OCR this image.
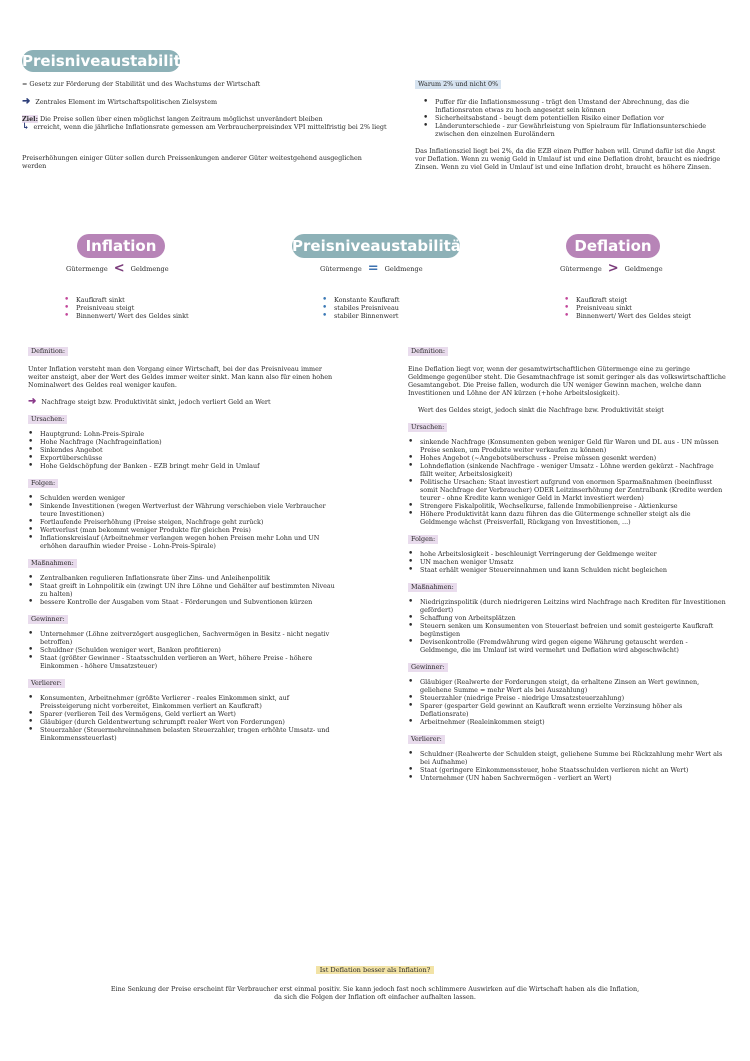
Preisniveaustabilität
= Gesetz zur Förderung der Stabilität und des Wachstums der Wirtschaft
➜ Zentrales Element im Wirtschaftspolitischen Zielsystem
Ziel: Die Preise sollen über einen möglichst langen Zeitraum möglichst unverändert bleiben
↳ erreicht, wenn die jährliche Inflationsrate gemessen am Verbraucherpreisindex VPI mittelfristig bei 2% liegt
Preiserhöhungen einiger Güter sollen durch Preissenkungen anderer Güter weitestgehend ausgeglichen werden
Warum 2% und nicht 0%
• Puffer für die Inflationsmessung - trägt den Umstand der Abrechnung, das die Inflationsraten etwas zu hoch angesetzt sein können
• Sicherheitsabstand - beugt dem potentiellen Risiko einer Deflation vor
• Länderunterschiede - zur Gewährleistung von Spielraum für Inflationsunterschiede zwischen den einzelnen Euroländern

Das Inflationsziel liegt bei 2%, da die EZB einen Puffer haben will. Grund dafür ist die Angst vor Deflation. Wenn zu wenig Geld in Umlauf ist und eine Deflation droht, braucht es niedrige Zinsen. Wenn zu viel Geld in Umlauf ist und eine Inflation droht, braucht es höhere Zinsen.

Inflation	Preisniveaustabilität	Deflation
Gütermenge < Geldmenge	Gütermenge = Geldmenge	Gütermenge > Geldmenge
• Kaufkraft sinkt
• Preisniveau steigt
• Binnenwert/ Wert des Geldes sinkt
• Konstante Kaufkraft
• stabiles Preisniveau
• stabiler Binnenwert
• Kaufkraft steigt
• Preisniveau sinkt
• Binnenwert/ Wert des Geldes steigt
Definition:

Unter Inflation versteht man den Vorgang einer Wirtschaft, bei der das Preisniveau immer weiter ansteigt, aber der Wert des Geldes immer weiter sinkt. Man kann also für einen hohen Nominalwert des Geldes real weniger kaufen.

➜ Nachfrage steigt bzw. Produktivität sinkt, jedoch verliert Geld an Wert
Ursachen:
• Hauptgrund: Lohn-Preis-Spirale
• Hohe Nachfrage (Nachfrageinflation)
• Sinkendes Angebot
• Exportüberschüsse
• Hohe Geldschöpfung der Banken - EZB bringt mehr Geld in Umlauf
Folgen:
• Schulden werden weniger
• Sinkende Investitionen (wegen Wertverlust der Währung verschieben viele Verbraucher teure Investitionen)
• Fortlaufende Preiserhöhung (Preise steigen, Nachfrage geht zurück)
• Wertverlust (man bekommt weniger Produkte für gleichen Preis)
• Inflationskreislauf (Arbeitnehmer verlangen wegen hohen Preisen mehr Lohn und UN erhöhen daraufhin wieder Preise - Lohn-Preis-Spirale)
Maßnahmen:
• Zentralbanken regulieren Inflationsrate über Zins- und Anleihenpolitik
• Staat greift in Lohnpolitik ein (zwingt UN ihre Löhne und Gehälter auf bestimmten Niveau zu halten)
• bessere Kontrolle der Ausgaben vom Staat - Förderungen und Subventionen kürzen
Gewinner:
• Unternehmer (Löhne zeitverzögert ausgeglichen, Sachvermögen in Besitz - nicht negativ betroffen)
• Schuldner (Schulden weniger wert, Banken profitieren)
• Staat (größter Gewinner - Staatsschulden verlieren an Wert, höhere Preise - höhere Einkommen - höhere Umsatzsteuer)
Verlierer:
• Konsumenten, Arbeitnehmer (größte Verlierer - reales Einkommen sinkt, auf Preissteigerung nicht vorbereitet, Einkommen verliert an Kaufkraft)
• Sparer (verlieren Teil des Vermögens, Geld verliert an Wert)
• Gläubiger (durch Geldentwertung schrumpft realer Wert von Forderungen)
• Steuerzahler (Steuermehreinnahmen belasten Steuerzahler, tragen erhöhte Umsatz- und Einkommenssteuerlast)
Definition:

Eine Deflation liegt vor, wenn der gesamtwirtschaftlichen Gütermenge eine zu geringe Geldmenge gegenüber steht. Die Gesamtnachfrage ist somit geringer als das volkswirtschaftliche Gesamtangebot. Die Preise fallen, wodurch die UN weniger Gewinn machen, welche dann Investitionen und Löhne der AN kürzen (+hohe Arbeitslosigkeit).

Wert des Geldes steigt, jedoch sinkt die Nachfrage bzw. Produktivität steigt

Ursachen:
• sinkende Nachfrage (Konsumenten geben weniger Geld für Waren und DL aus - UN müssen Preise senken, um Produkte weiter verkaufen zu können)
• Hohes Angebot (~Angebotsüberschuss - Preise müssen gesenkt werden)
• Lohndeflation (sinkende Nachfrage - weniger Umsatz - Löhne werden gekürzt - Nachfrage fällt weiter, Arbeitslosigkeit)
• Politische Ursachen: Staat investiert aufgrund von enormen Sparmaßnahmen (beeinflusst somit Nachfrage der Verbraucher) ODER Leitzinserhöhung der Zentralbank (Kredite werden teurer - ohne Kredite kann weniger Geld in Markt investiert werden)
• Strengere Fiskalpolitik, Wechselkurse, fallende Immobilienpreise - Aktienkurse
• Höhere Produktivität kann dazu führen das die Gütermenge schneller steigt als die Geldmenge wächst (Preisverfall, Rückgang von Investitionen, ...)
Folgen:
• hohe Arbeitslosigkeit - beschleunigt Verringerung der Geldmenge weiter
• UN machen weniger Umsatz
• Staat erhält weniger Steuereinnahmen und kann Schulden nicht begleichen
Maßnahmen:
• Niedrigzinspolitik (durch niedrigeren Leitzins wird Nachfrage nach Krediten für Investitionen gefördert)
• Schaffung von Arbeitsplätzen
• Steuern senken um Konsumenten von Steuerlast befreien und somit gesteigerte Kaufkraft begünstigen
• Devisenkontrolle (Fremdwährung wird gegen eigene Währung getauscht werden - Geldmenge, die im Umlauf ist wird vermehrt und Deflation wird abgeschwächt)
Gewinner:
• Gläubiger (Realwerte der Forderungen steigt, da erhaltene Zinsen an Wert gewinnen, geliehene Summe = mehr Wert als bei Auszahlung)
• Steuerzahler (niedrige Preise - niedrige Umsatzsteuerzahlung)
• Sparer (gesparter Geld gewinnt an Kaufkraft wenn erzielte Verzinsung höher als Deflationsrate)
• Arbeitnehmer (Realeinkommen steigt)
Verlierer:
• Schuldner (Realwerte der Schulden steigt, geliehene Summe bei Rückzahlung mehr Wert als bei Aufnahme)
• Staat (geringere Einkommenssteuer, hohe Staatsschulden verlieren nicht an Wert)
• Unternehmer (UN haben Sachvermögen - verliert an Wert)
Ist Deflation besser als Inflation?
Eine Senkung der Preise erscheint für Verbraucher erst einmal positiv. Sie kann jedoch fast noch schlimmere Auswirken auf die Wirtschaft haben als die Inflation, da sich die Folgen der Inflation oft einfacher aufhalten lassen.
